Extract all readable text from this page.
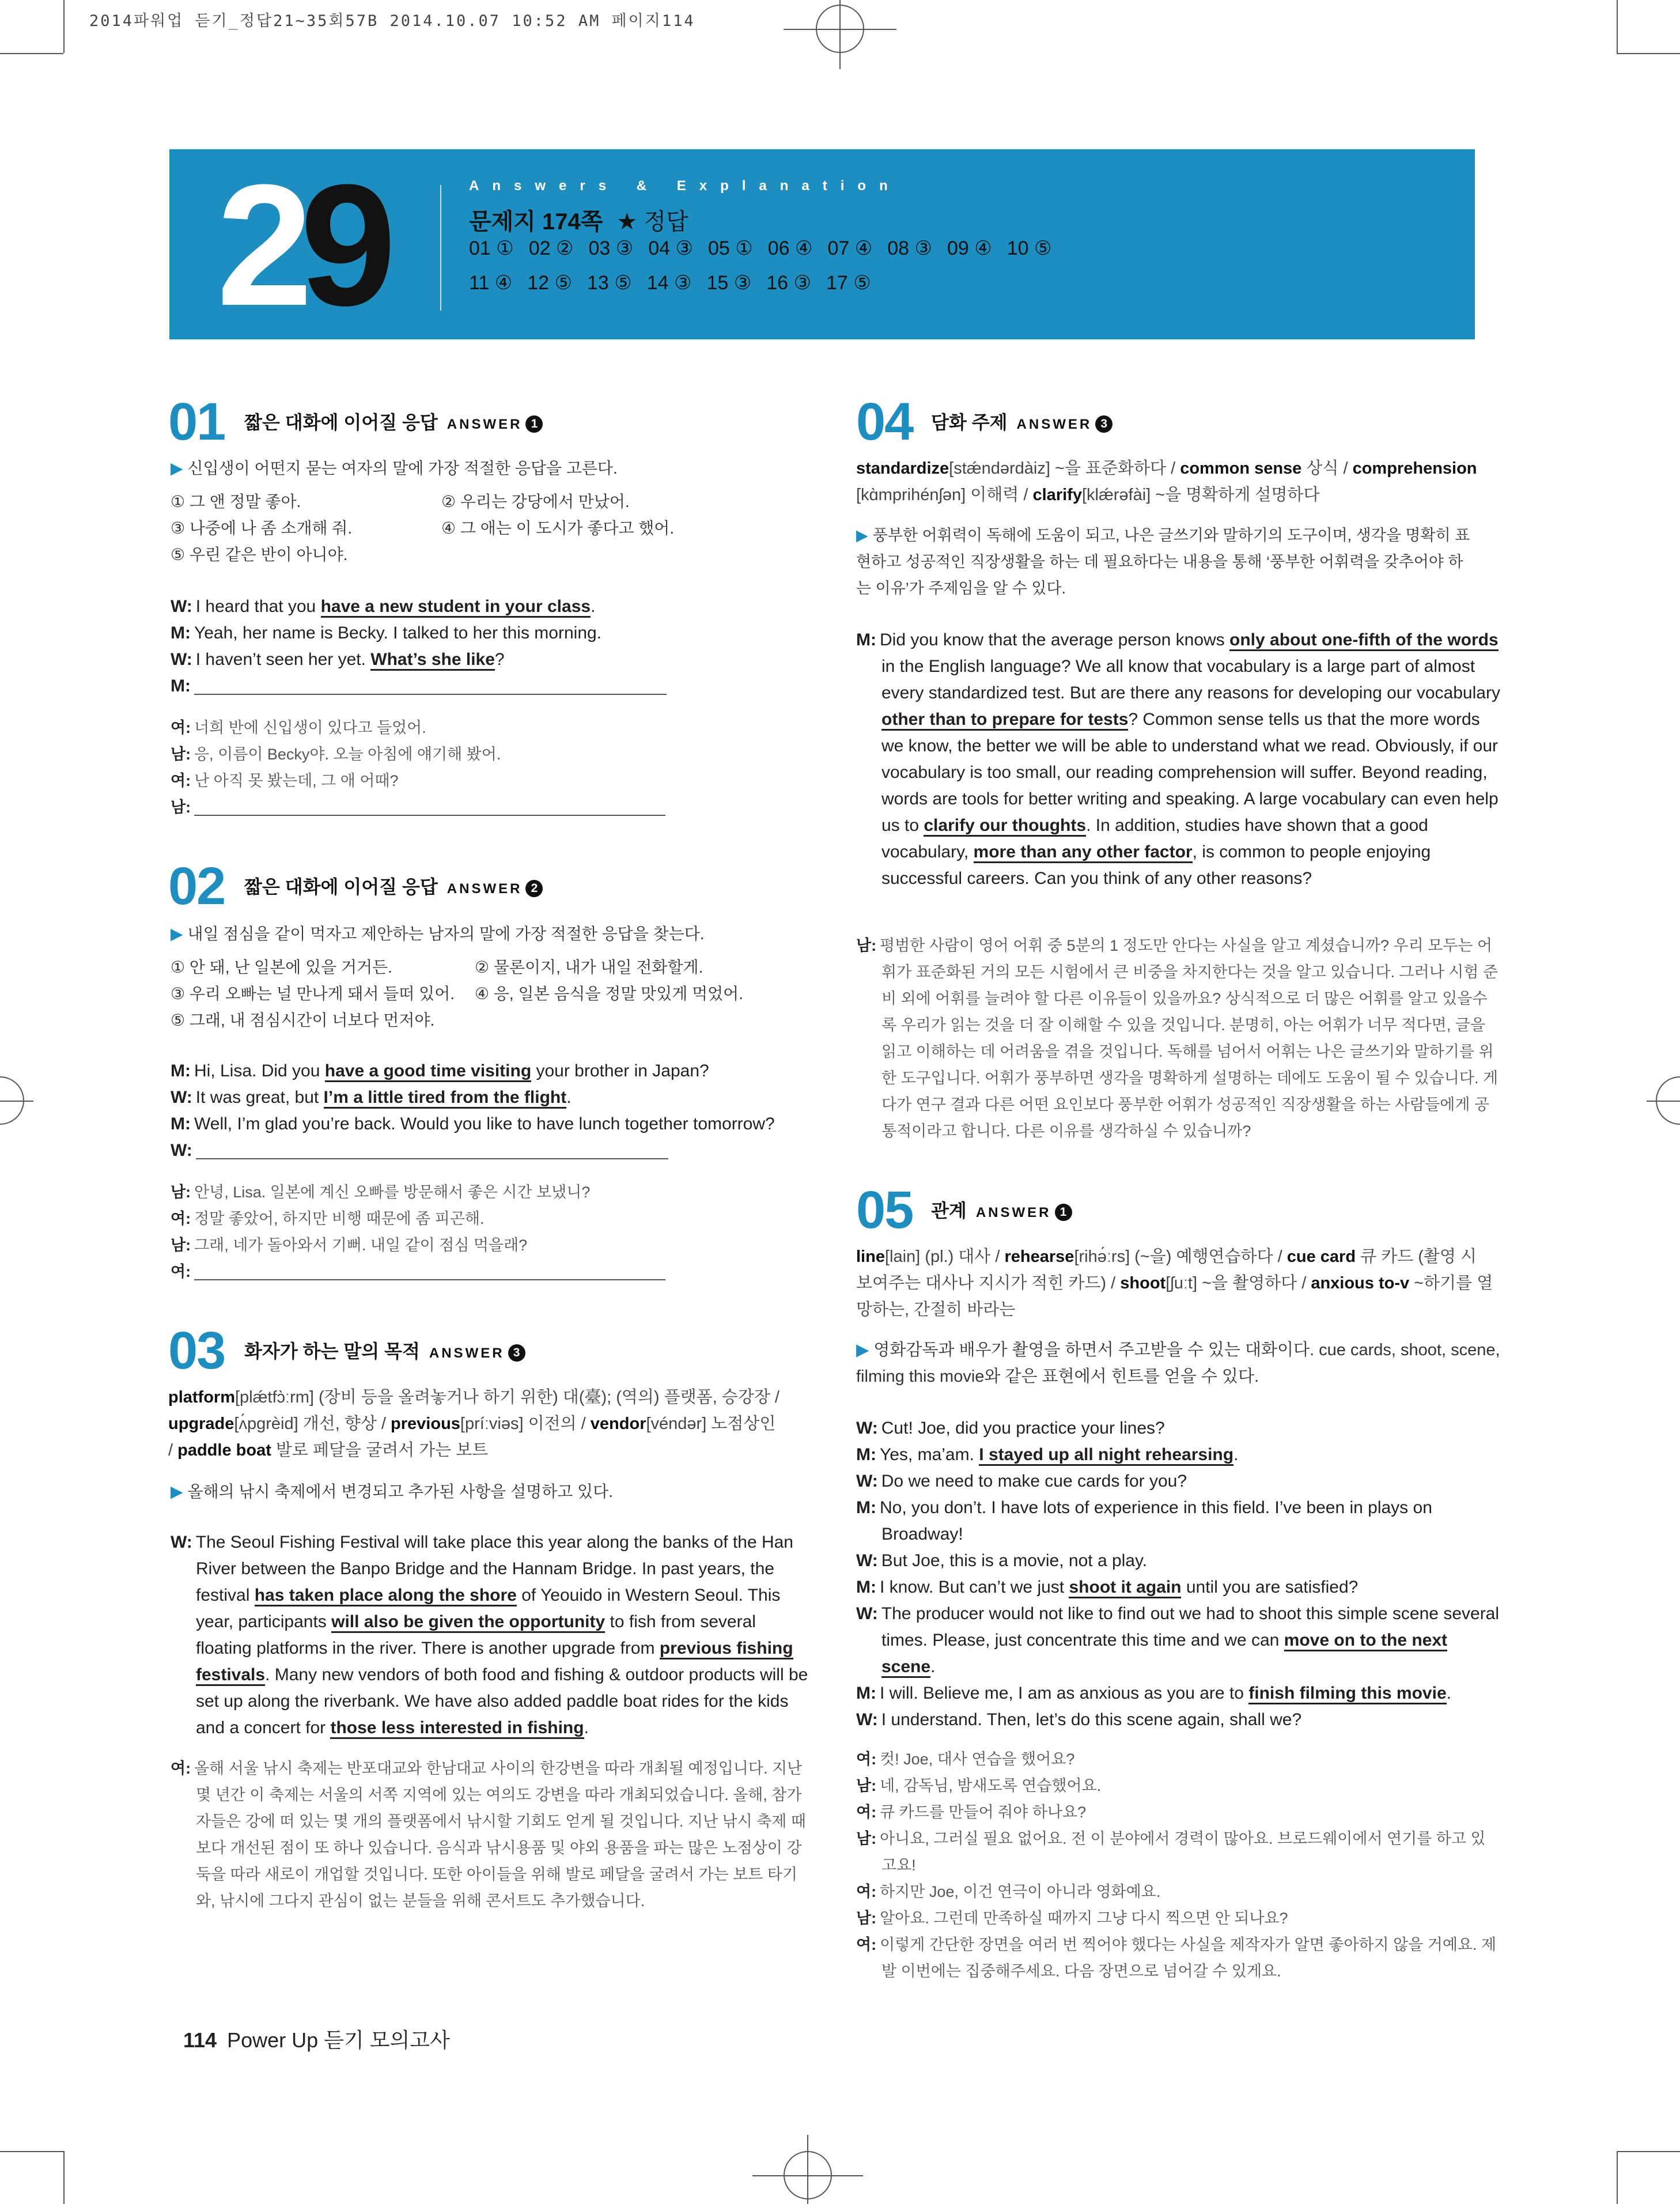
2014파워업 듣기_정답21~35회57B 2014.10.07 10:52 AM 페이지114
29	Answers & Explanation
문제지 174쪽 ★ 정답
01 ① 02 ② 03 ③ 04 ③ 05 ① 06 ④ 07 ④ 08 ③ 09 ④ 10 ⑤
11 ④ 12 ⑤ 13 ⑤ 14 ③ 15 ③ 16 ③ 17 ⑤
01 짧은 대화에 이어질 응답 ANSWER 1
▶ 신입생이 어떤지 묻는 여자의 말에 가장 적절한 응답을 고른다.
① 그 앤 정말 좋아.	② 우리는 강당에서 만났어.
③ 나중에 나 좀 소개해 줘.	④ 그 애는 이 도시가 좋다고 했어.
⑤ 우린 같은 반이 아니야.
W: I heard that you have a new student in your class.
M: Yeah, her name is Becky. I talked to her this morning.
W: I haven’t seen her yet. What’s she like?
M:
여: 너희 반에 신입생이 있다고 들었어.
남: 응, 이름이 Becky야. 오늘 아침에 얘기해 봤어.
여: 난 아직 못 봤는데, 그 애 어때?
남:
02 짧은 대화에 이어질 응답 ANSWER 2
▶ 내일 점심을 같이 먹자고 제안하는 남자의 말에 가장 적절한 응답을 찾는다.
① 안 돼, 난 일본에 있을 거거든.	② 물론이지, 내가 내일 전화할게.
③ 우리 오빠는 널 만나게 돼서 들떠 있어. ④ 응, 일본 음식을 정말 맛있게 먹었어.
⑤ 그래, 내 점심시간이 너보다 먼저야.
M: Hi, Lisa. Did you have a good time visiting your brother in Japan?
W: It was great, but I’m a little tired from the flight.
M: Well, I’m glad you’re back. Would you like to have lunch together tomorrow?
W:
남: 안녕, Lisa. 일본에 계신 오빠를 방문해서 좋은 시간 보냈니?
여: 정말 좋았어, 하지만 비행 때문에 좀 피곤해.
남: 그래, 네가 돌아와서 기뻐. 내일 같이 점심 먹을래?
여:
03 화자가 하는 말의 목적 ANSWER 3
platform[plǽtfɔ̀ːrm] (장비 등을 올려놓거나 하기 위한) 대(臺); (역의) 플랫폼, 승강장 /
upgrade[ʌ́pgrèid] 개선, 향상 / previous[príːviəs] 이전의 / vendor[véndər] 노점상인
/ paddle boat 발로 페달을 굴려서 가는 보트
▶ 올해의 낚시 축제에서 변경되고 추가된 사항을 설명하고 있다.
W: The Seoul Fishing Festival will take place this year along the banks of the Han River between the Banpo Bridge and the Hannam Bridge. In past years, the festival has taken place along the shore of Yeouido in Western Seoul. This year, participants will also be given the opportunity to fish from several floating platforms in the river. There is another upgrade from previous fishing festivals. Many new vendors of both food and fishing & outdoor products will be set up along the riverbank. We have also added paddle boat rides for the kids and a concert for those less interested in fishing.
여: 올해 서울 낚시 축제는 반포대교와 한남대교 사이의 한강변을 따라 개최될 예정입니다. 지난 몇 년간 이 축제는 서울의 서쪽 지역에 있는 여의도 강변을 따라 개최되었습니다. 올해, 참가자들은 강에 떠 있는 몇 개의 플랫폼에서 낚시할 기회도 얻게 될 것입니다. 지난 낚시 축제 때보다 개선된 점이 또 하나 있습니다. 음식과 낚시용품 및 야외 용품을 파는 많은 노점상이 강둑을 따라 새로이 개업할 것입니다. 또한 아이들을 위해 발로 페달을 굴려서 가는 보트 타기와, 낚시에 그다지 관심이 없는 분들을 위해 콘서트도 추가했습니다.
04 담화 주제 ANSWER 3
standardize[stǽndərdàiz] ~을 표준화하다 / common sense 상식 / comprehension
[kɑ̀mprihénʃən] 이해력 / clarify[klǽrəfài] ~을 명확하게 설명하다
▶ 풍부한 어휘력이 독해에 도움이 되고, 나은 글쓰기와 말하기의 도구이며, 생각을 명확히 표현하고 성공적인 직장생활을 하는 데 필요하다는 내용을 통해 ‘풍부한 어휘력을 갖추어야 하는 이유’가 주제임을 알 수 있다.
M: Did you know that the average person knows only about one-fifth of the words in the English language? We all know that vocabulary is a large part of almost every standardized test. But are there any reasons for developing our vocabulary other than to prepare for tests? Common sense tells us that the more words we know, the better we will be able to understand what we read. Obviously, if our vocabulary is too small, our reading comprehension will suffer. Beyond reading, words are tools for better writing and speaking. A large vocabulary can even help us to clarify our thoughts. In addition, studies have shown that a good vocabulary, more than any other factor, is common to people enjoying successful careers. Can you think of any other reasons?
남: 평범한 사람이 영어 어휘 중 5분의 1 정도만 안다는 사실을 알고 계셨습니까? 우리 모두는 어휘가 표준화된 거의 모든 시험에서 큰 비중을 차지한다는 것을 알고 있습니다. 그러나 시험 준비 외에 어휘를 늘려야 할 다른 이유들이 있을까요? 상식적으로 더 많은 어휘를 알고 있을수록 우리가 읽는 것을 더 잘 이해할 수 있을 것입니다. 분명히, 아는 어휘가 너무 적다면, 글을 읽고 이해하는 데 어려움을 겪을 것입니다. 독해를 넘어서 어휘는 나은 글쓰기와 말하기를 위한 도구입니다. 어휘가 풍부하면 생각을 명확하게 설명하는 데에도 도움이 될 수 있습니다. 게다가 연구 결과 다른 어떤 요인보다 풍부한 어휘가 성공적인 직장생활을 하는 사람들에게 공통적이라고 합니다. 다른 이유를 생각하실 수 있습니까?
05 관계 ANSWER 1
line[lain] (pl.) 대사 / rehearse[rihə́ːrs] (~을) 예행연습하다 / cue card 큐 카드 (촬영 시
보여주는 대사나 지시가 적힌 카드) / shoot[ʃuːt] ~을 촬영하다 / anxious to-v ~하기를 열
망하는, 간절히 바라는
▶ 영화감독과 배우가 촬영을 하면서 주고받을 수 있는 대화이다. cue cards, shoot, scene,
filming this movie와 같은 표현에서 힌트를 얻을 수 있다.
W: Cut! Joe, did you practice your lines?
M: Yes, ma’am. I stayed up all night rehearsing.
W: Do we need to make cue cards for you?
M: No, you don’t. I have lots of experience in this field. I’ve been in plays on Broadway!
W: But Joe, this is a movie, not a play.
M: I know. But can’t we just shoot it again until you are satisfied?
W: The producer would not like to find out we had to shoot this simple scene several times. Please, just concentrate this time and we can move on to the next scene.
M: I will. Believe me, I am as anxious as you are to finish filming this movie.
W: I understand. Then, let’s do this scene again, shall we?
여: 컷! Joe, 대사 연습을 했어요?
남: 네, 감독님, 밤새도록 연습했어요.
여: 큐 카드를 만들어 줘야 하나요?
남: 아니요, 그러실 필요 없어요. 전 이 분야에서 경력이 많아요. 브로드웨이에서 연기를 하고 있고요!
여: 하지만 Joe, 이건 연극이 아니라 영화예요.
남: 알아요. 그런데 만족하실 때까지 그냥 다시 찍으면 안 되나요?
여: 이렇게 간단한 장면을 여러 번 찍어야 했다는 사실을 제작자가 알면 좋아하지 않을 거예요. 제발 이번에는 집중해주세요. 다음 장면으로 넘어갈 수 있게요.
114 Power Up 듣기 모의고사
